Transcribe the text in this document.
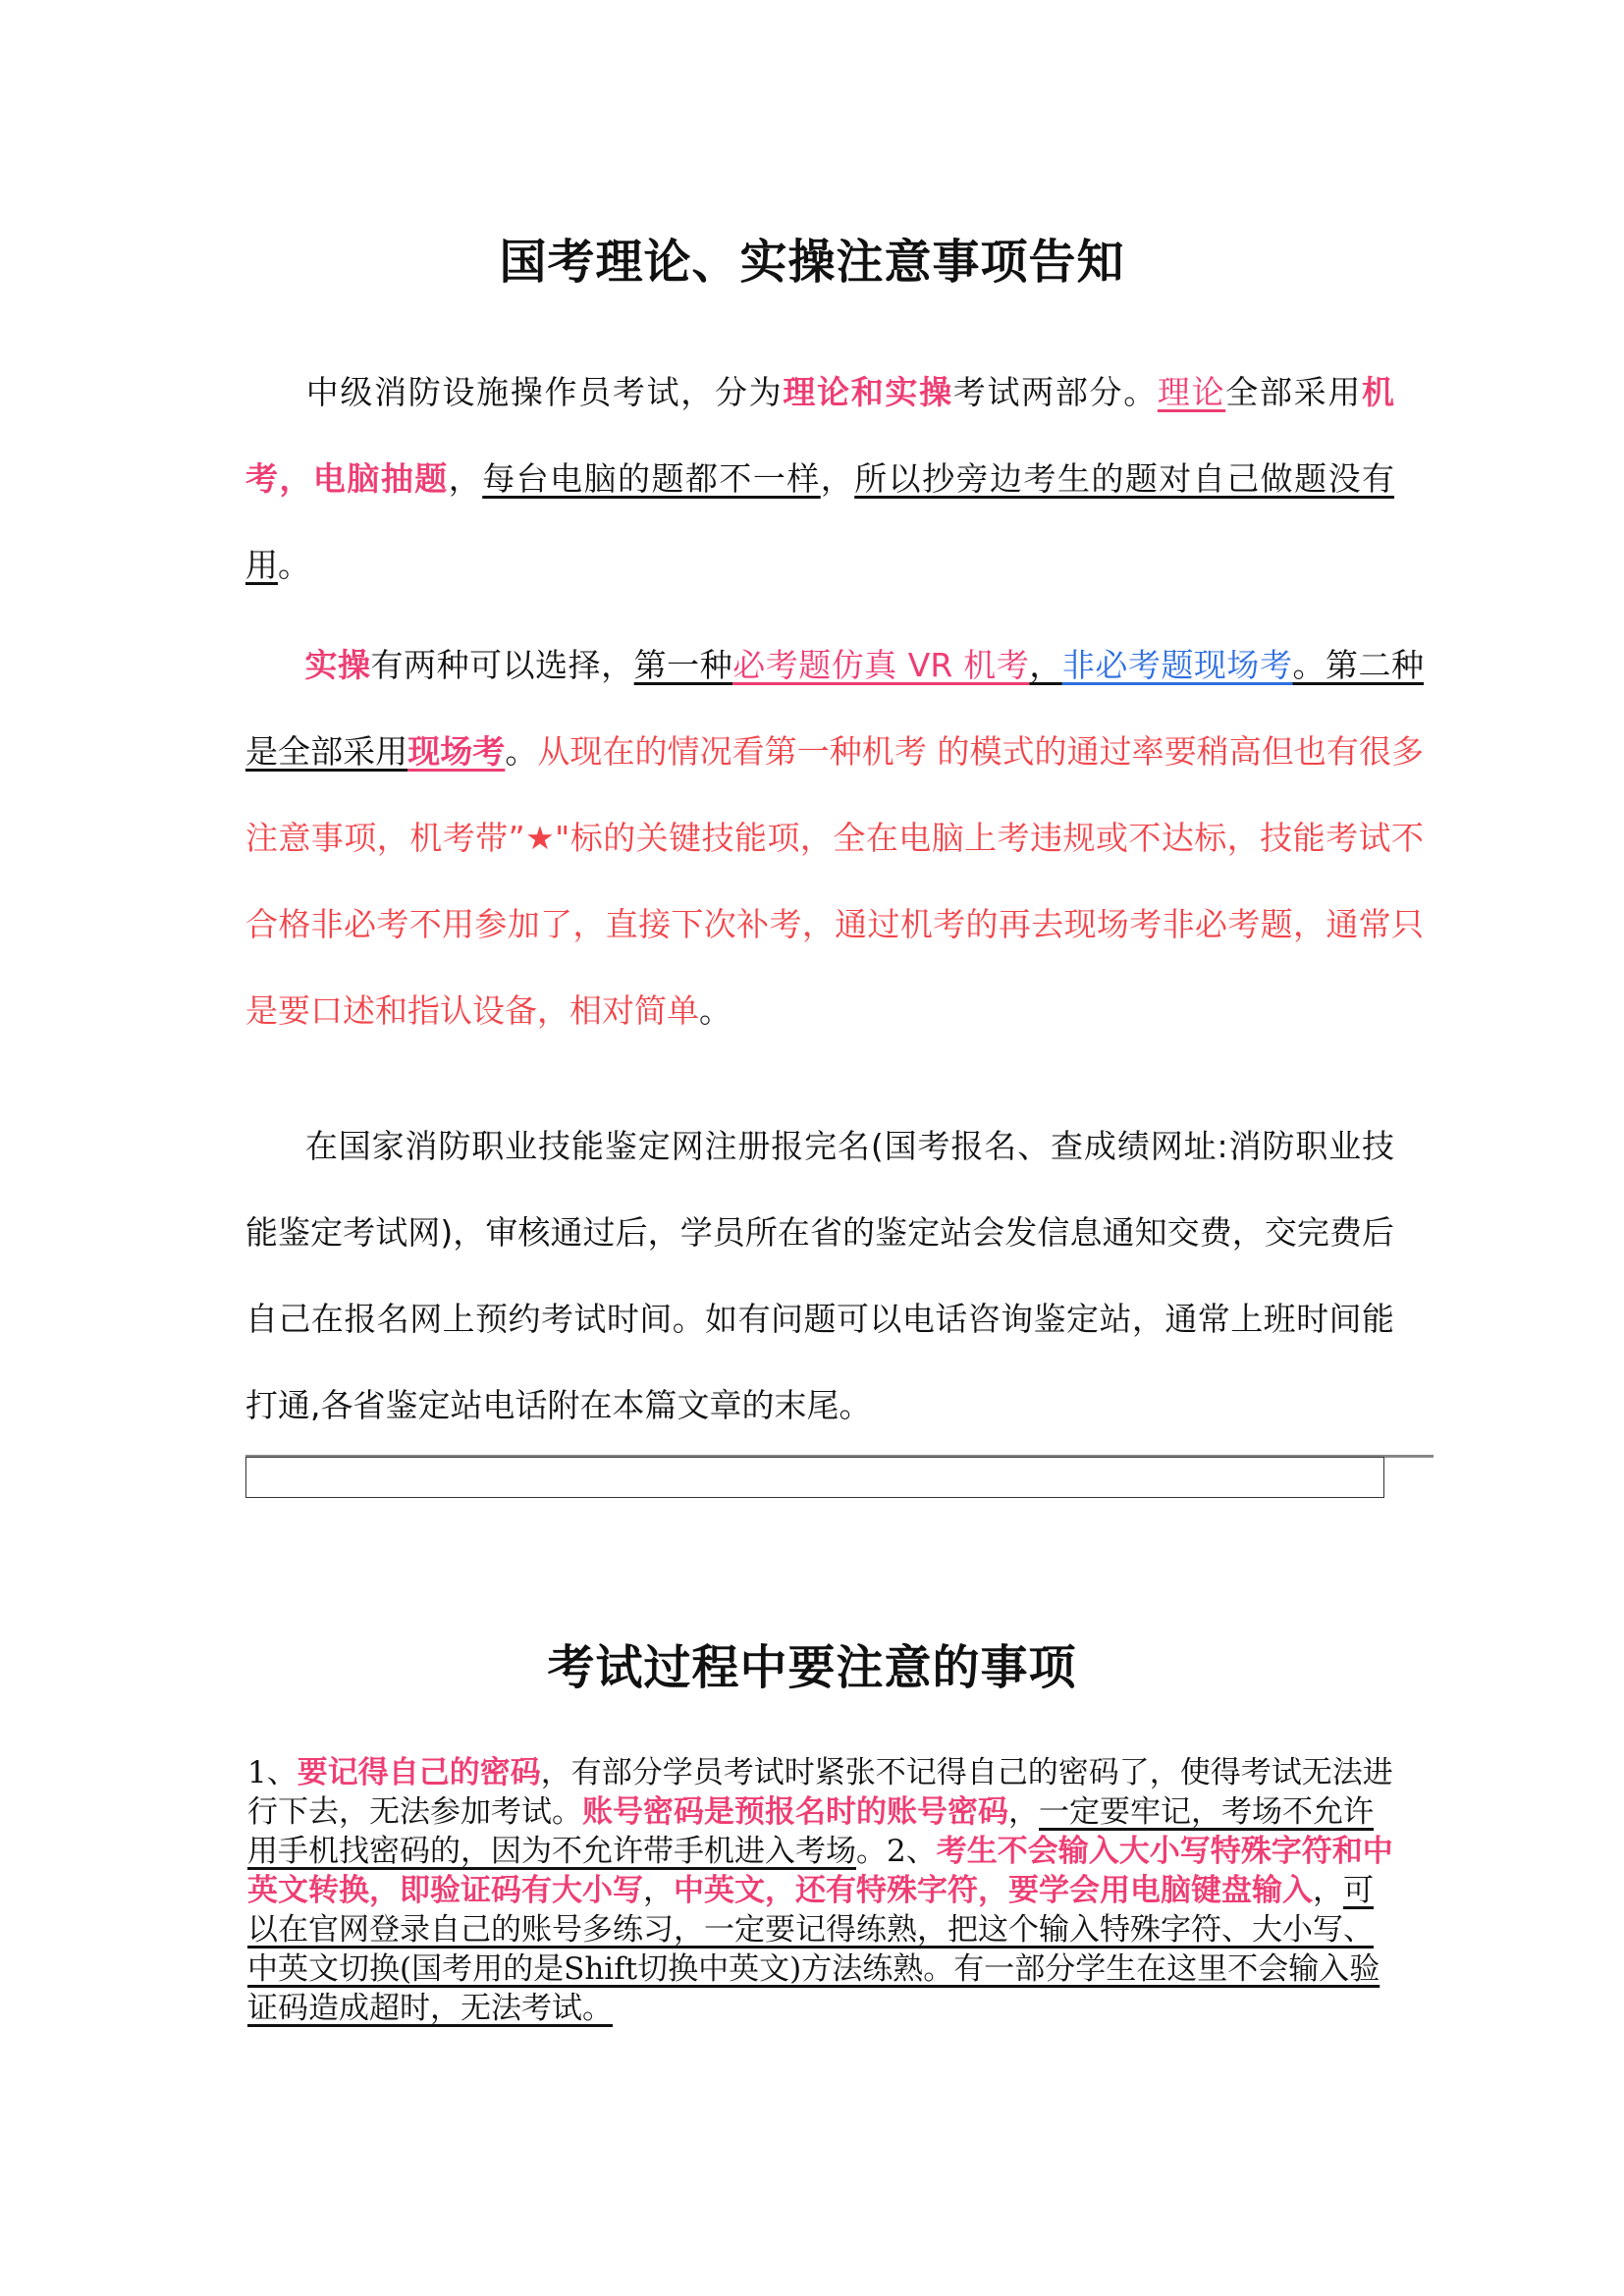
国考理论、实操注意事项告知

中级消防设施操作员考试，分为理论和实操考试两部分。理论全部采用机考，电脑抽题，每台电脑的题都不一样，所以抄旁边考生的题对自己做题没有用。

实操有两种可以选择，第一种必考题仿真 VR 机考，非必考题现场考。第二种是全部采用现场考。从现在的情况看第一种机考 的模式的通过率要稍高但也有很多注意事项，机考带”★"标的关键技能项，全在电脑上考违规或不达标，技能考试不合格非必考不用参加了，直接下次补考，通过机考的再去现场考非必考题，通常只是要口述和指认设备，相对简单。

在国家消防职业技能鉴定网注册报完名(国考报名、查成绩网址:消防职业技能鉴定考试网)，审核通过后，学员所在省的鉴定站会发信息通知交费，交完费后自己在报名网上预约考试时间。如有问题可以电话咨询鉴定站，通常上班时间能打通,各省鉴定站电话附在本篇文章的末尾。

考试过程中要注意的事项

1、要记得自己的密码，有部分学员考试时紧张不记得自己的密码了，使得考试无法进行下去，无法参加考试。账号密码是预报名时的账号密码，一定要牢记，考场不允许用手机找密码的，因为不允许带手机进入考场。2、考生不会输入大小写特殊字符和中英文转换，即验证码有大小写，中英文，还有特殊字符，要学会用电脑键盘输入，可以在官网登录自己的账号多练习，一定要记得练熟，把这个输入特殊字符、大小写、中英文切换(国考用的是Shift切换中英文)方法练熟。有一部分学生在这里不会输入验证码造成超时，无法考试。
